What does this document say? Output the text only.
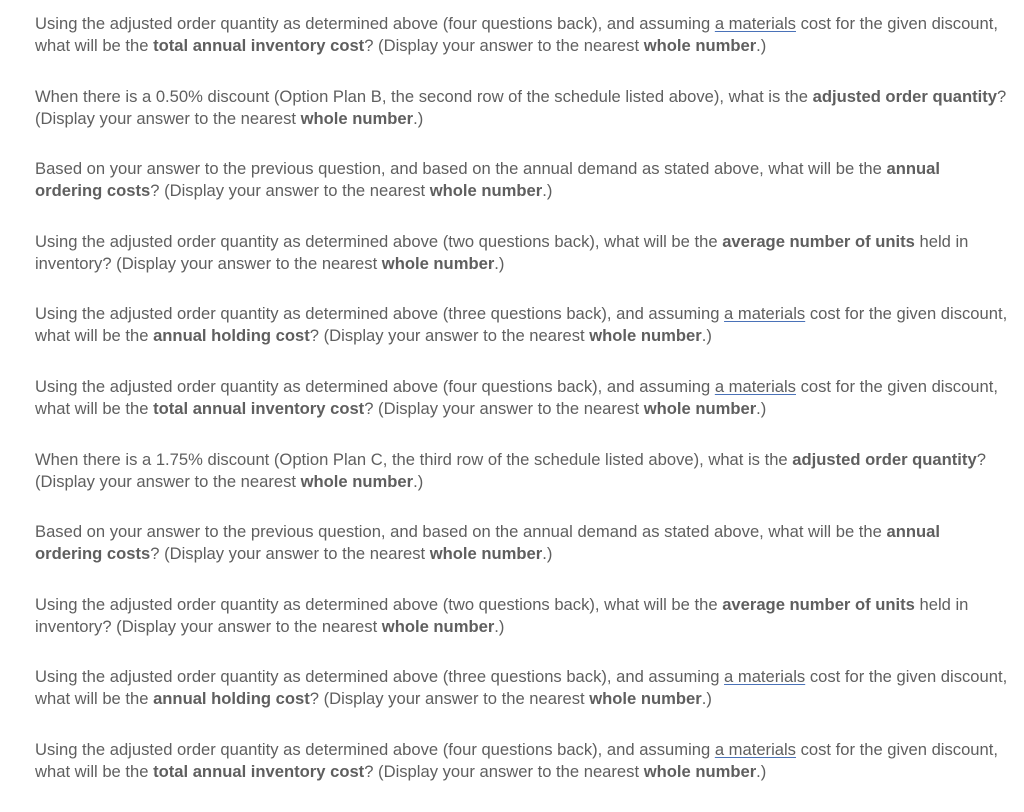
Using the adjusted order quantity as determined above (four questions back), and assuming a materials cost for the given discount, what will be the total annual inventory cost? (Display your answer to the nearest whole number.)

When there is a 0.50% discount (Option Plan B, the second row of the schedule listed above), what is the adjusted order quantity? (Display your answer to the nearest whole number.)

Based on your answer to the previous question, and based on the annual demand as stated above, what will be the annual ordering costs? (Display your answer to the nearest whole number.)

Using the adjusted order quantity as determined above (two questions back), what will be the average number of units held in inventory? (Display your answer to the nearest whole number.)

Using the adjusted order quantity as determined above (three questions back), and assuming a materials cost for the given discount, what will be the annual holding cost? (Display your answer to the nearest whole number.)

Using the adjusted order quantity as determined above (four questions back), and assuming a materials cost for the given discount, what will be the total annual inventory cost? (Display your answer to the nearest whole number.)

When there is a 1.75% discount (Option Plan C, the third row of the schedule listed above), what is the adjusted order quantity? (Display your answer to the nearest whole number.)

Based on your answer to the previous question, and based on the annual demand as stated above, what will be the annual ordering costs? (Display your answer to the nearest whole number.)

Using the adjusted order quantity as determined above (two questions back), what will be the average number of units held in inventory? (Display your answer to the nearest whole number.)

Using the adjusted order quantity as determined above (three questions back), and assuming a materials cost for the given discount, what will be the annual holding cost? (Display your answer to the nearest whole number.)

Using the adjusted order quantity as determined above (four questions back), and assuming a materials cost for the given discount, what will be the total annual inventory cost? (Display your answer to the nearest whole number.)
